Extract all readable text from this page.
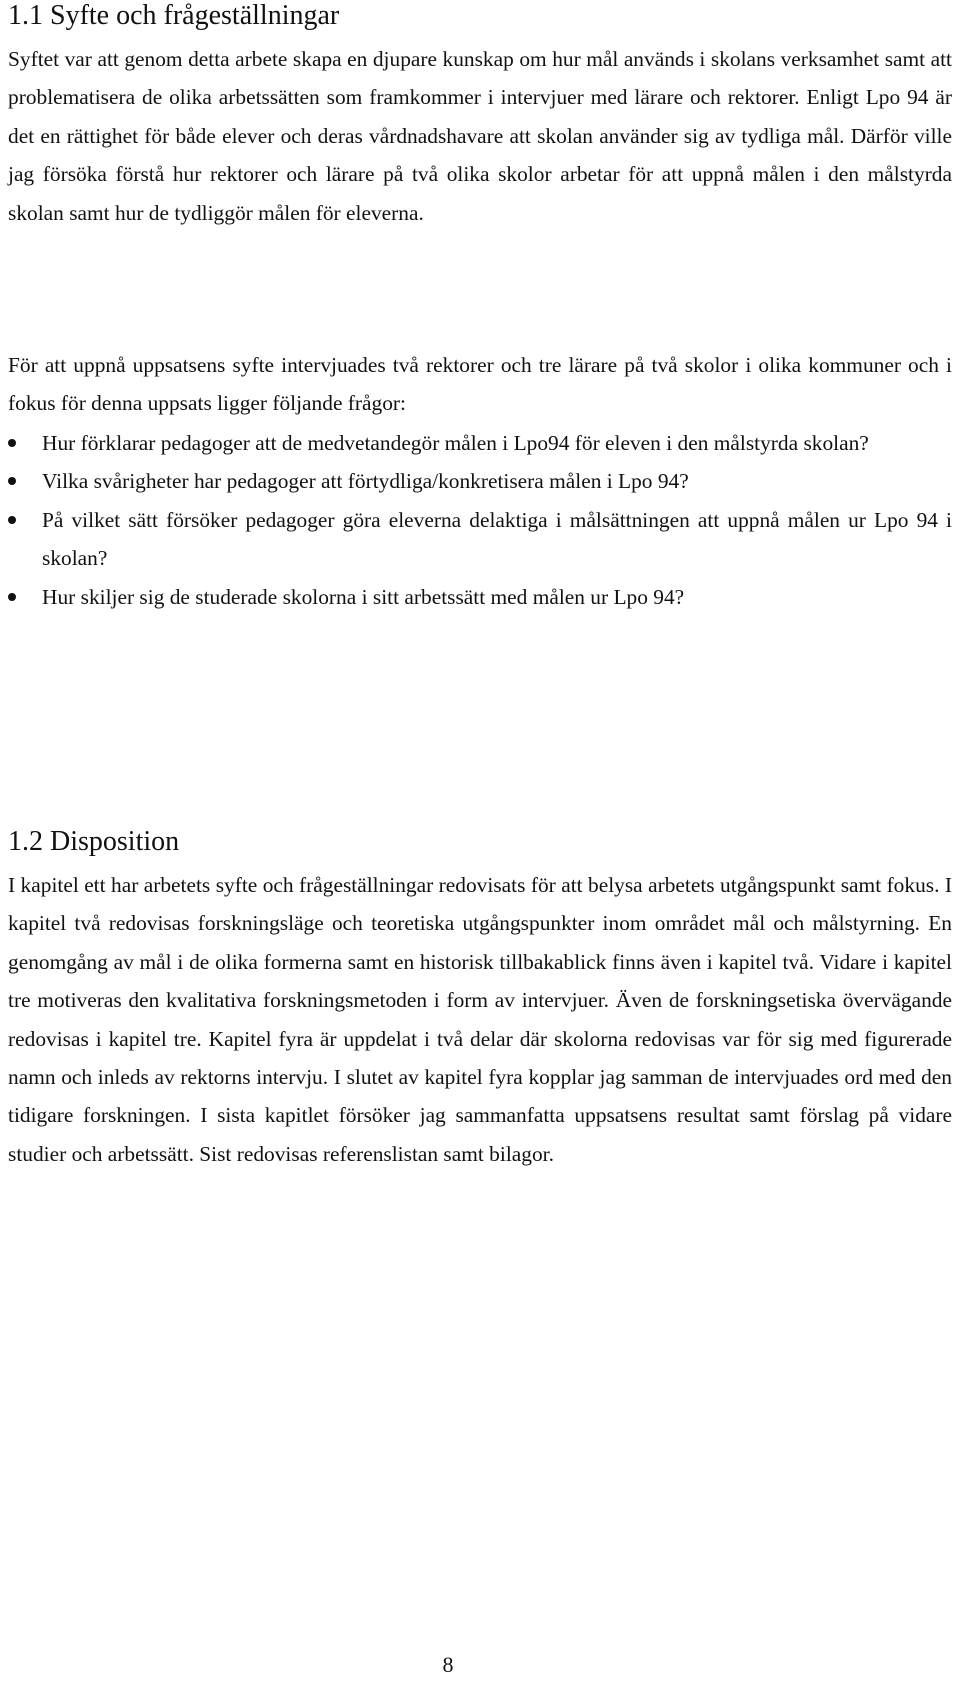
1.1 Syfte och frågeställningar

Syftet var att genom detta arbete skapa en djupare kunskap om hur mål används i skolans verksamhet samt att problematisera de olika arbetssätten som framkommer i intervjuer med lärare och rektorer. Enligt Lpo 94 är det en rättighet för både elever och deras vårdnadshavare att skolan använder sig av tydliga mål. Därför ville jag försöka förstå hur rektorer och lärare på två olika skolor arbetar för att uppnå målen i den målstyrda skolan samt hur de tydliggör målen för eleverna.

För att uppnå uppsatsens syfte intervjuades två rektorer och tre lärare på två skolor i olika kommuner och i fokus för denna uppsats ligger följande frågor:

Hur förklarar pedagoger att de medvetandegör målen i Lpo94 för eleven i den målstyrda skolan?
Vilka svårigheter har pedagoger att förtydliga/konkretisera målen i Lpo 94?
På vilket sätt försöker pedagoger göra eleverna delaktiga i målsättningen att uppnå målen ur Lpo 94 i skolan?
Hur skiljer sig de studerade skolorna i sitt arbetssätt med målen ur Lpo 94?
1.2 Disposition

I kapitel ett har arbetets syfte och frågeställningar redovisats för att belysa arbetets utgångspunkt samt fokus. I kapitel två redovisas forskningsläge och teoretiska utgångspunkter inom området mål och målstyrning. En genomgång av mål i de olika formerna samt en historisk tillbakablick finns även i kapitel två. Vidare i kapitel tre motiveras den kvalitativa forskningsmetoden i form av intervjuer. Även de forskningsetiska övervägande redovisas i kapitel tre. Kapitel fyra är uppdelat i två delar där skolorna redovisas var för sig med figurerade namn och inleds av rektorns intervju. I slutet av kapitel fyra kopplar jag samman de intervjuades ord med den tidigare forskningen. I sista kapitlet försöker jag sammanfatta uppsatsens resultat samt förslag på vidare studier och arbetssätt. Sist redovisas referenslistan samt bilagor.

8
